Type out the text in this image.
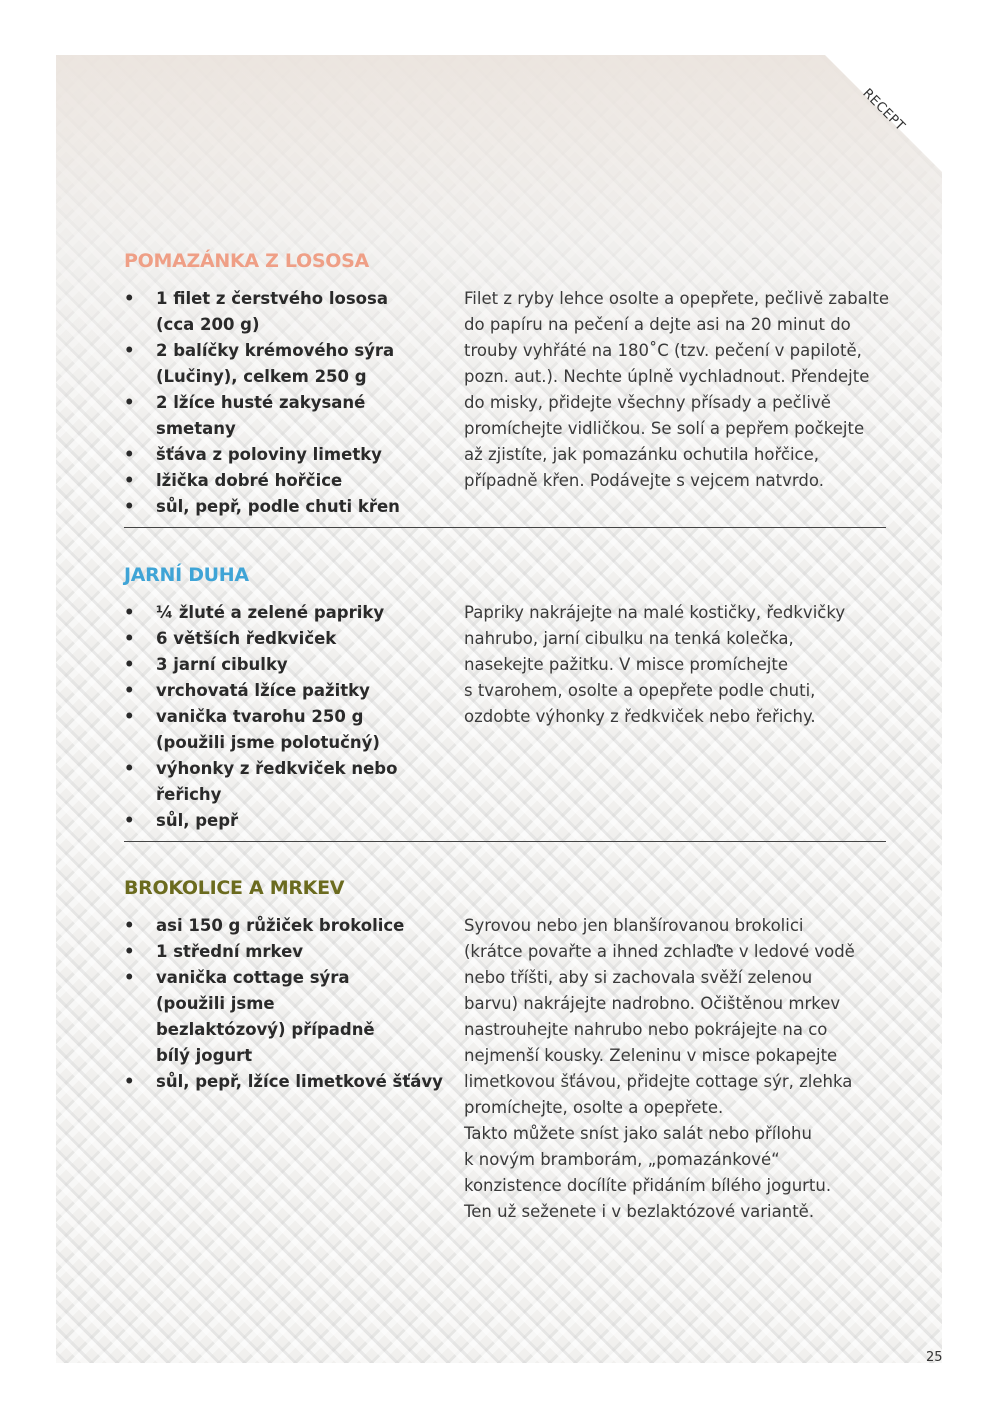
RECEPT
POMAZÁNKA Z LOSOSA
• 1 filet z čerstvého lososa (cca 200 g)
• 2 balíčky krémového sýra (Lučiny), celkem 250 g
• 2 lžíce husté zakysané smetany
• šťáva z poloviny limetky
• lžička dobré hořčice
• sůl, pepř, podle chuti křen

Filet z ryby lehce osolte a opepřete, pečlivě zabalte
do papíru na pečení a dejte asi na 20 minut do
trouby vyhřáté na 180˚C (tzv. pečení v papilotě,
pozn. aut.). Nechte úplně vychladnout. Přendejte
do misky, přidejte všechny přísady a pečlivě
promíchejte vidličkou. Se solí a pepřem počkejte
až zjistíte, jak pomazánku ochutila hořčice,
případně křen. Podávejte s vejcem natvrdo.

JARNÍ DUHA
• ¼ žluté a zelené papriky
• 6 větších ředkviček
• 3 jarní cibulky
• vrchovatá lžíce pažitky
• vanička tvarohu 250 g (použili jsme polotučný)
• výhonky z ředkviček nebo řeřichy
• sůl, pepř

Papriky nakrájejte na malé kostičky, ředkvičky
nahrubo, jarní cibulku na tenká kolečka,
nasekejte pažitku. V misce promíchejte
s tvarohem, osolte a opepřete podle chuti,
ozdobte výhonky z ředkviček nebo řeřichy.

BROKOLICE A MRKEV
• asi 150 g růžiček brokolice
• 1 střední mrkev
• vanička cottage sýra (použili jsme bezlaktózový) případně bílý jogurt
• sůl, pepř, lžíce limetkové šťávy

Syrovou nebo jen blanšírovanou brokolici
(krátce povařte a ihned zchlaďte v ledové vodě
nebo tříšti, aby si zachovala svěží zelenou
barvu) nakrájejte nadrobno. Očištěnou mrkev
nastrouhejte nahrubo nebo pokrájejte na co
nejmenší kousky. Zeleninu v misce pokapejte
limetkovou šťávou, přidejte cottage sýr, zlehka
promíchejte, osolte a opepřete.
Takto můžete sníst jako salát nebo přílohu
k novým bramborám, „pomazánkové“
konzistence docílíte přidáním bílého jogurtu.
Ten už seženete i v bezlaktózové variantě.

25
